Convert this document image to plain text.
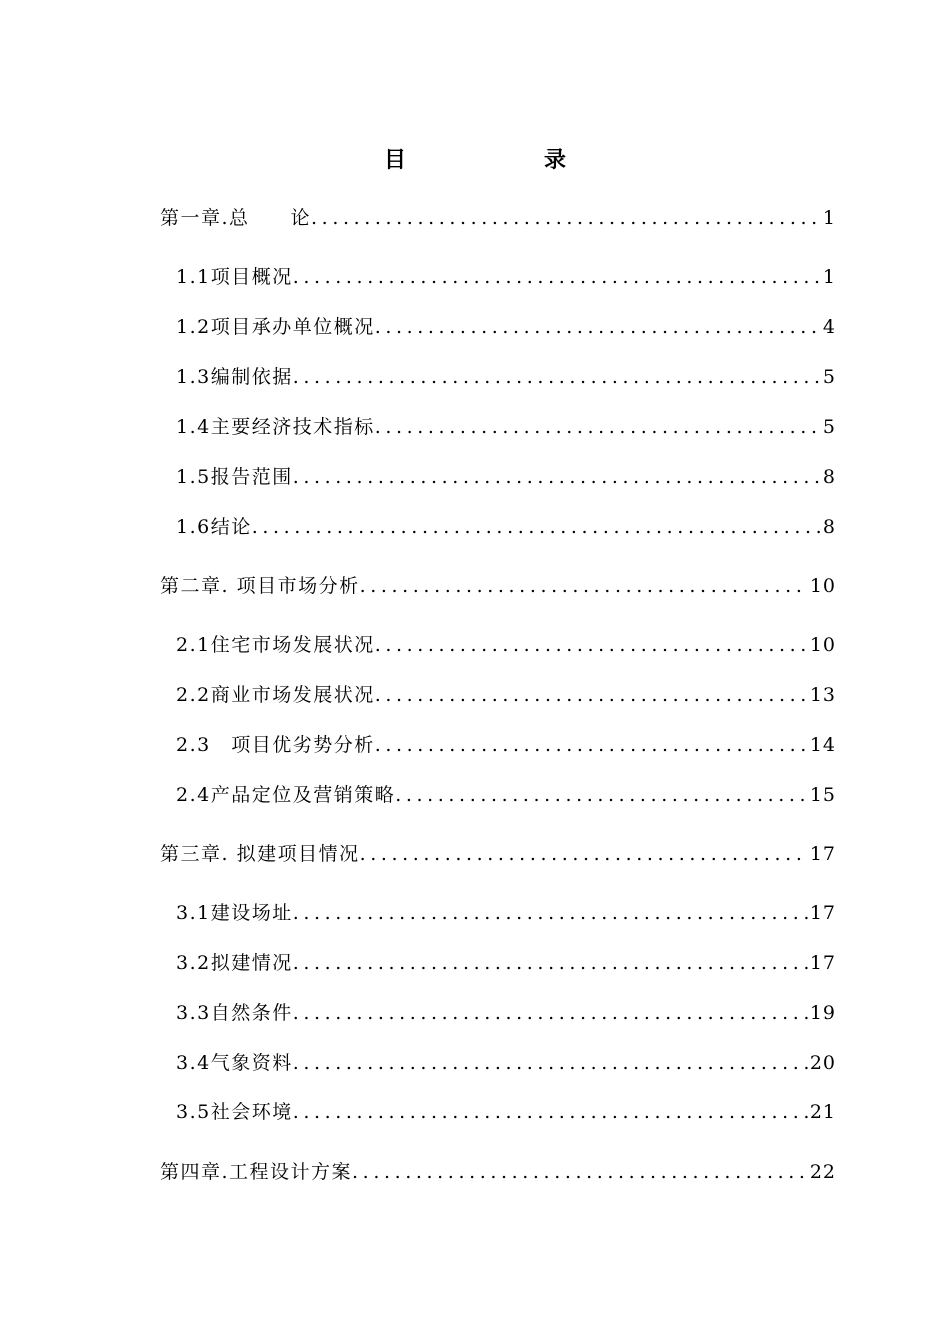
目　录
第一章.总　　论 .....	1
1.1项目概况 .....	1
1.2项目承办单位概况 .....	4
1.3编制依据 .....	5
1.4主要经济技术指标 .....	5
1.5报告范围 .....	8
1.6结论 .....	8
第二章. 项目市场分析 .....	10
2.1住宅市场发展状况 .....	10
2.2商业市场发展状况 .....	13
2.3　项目优劣势分析 .....	14
2.4产品定位及营销策略 .....	15
第三章. 拟建项目情况 .....	17
3.1建设场址 .....	17
3.2拟建情况 .....	17
3.3自然条件 .....	19
3.4气象资料 .....	20
3.5社会环境 .....	21
第四章.工程设计方案 .....	22
